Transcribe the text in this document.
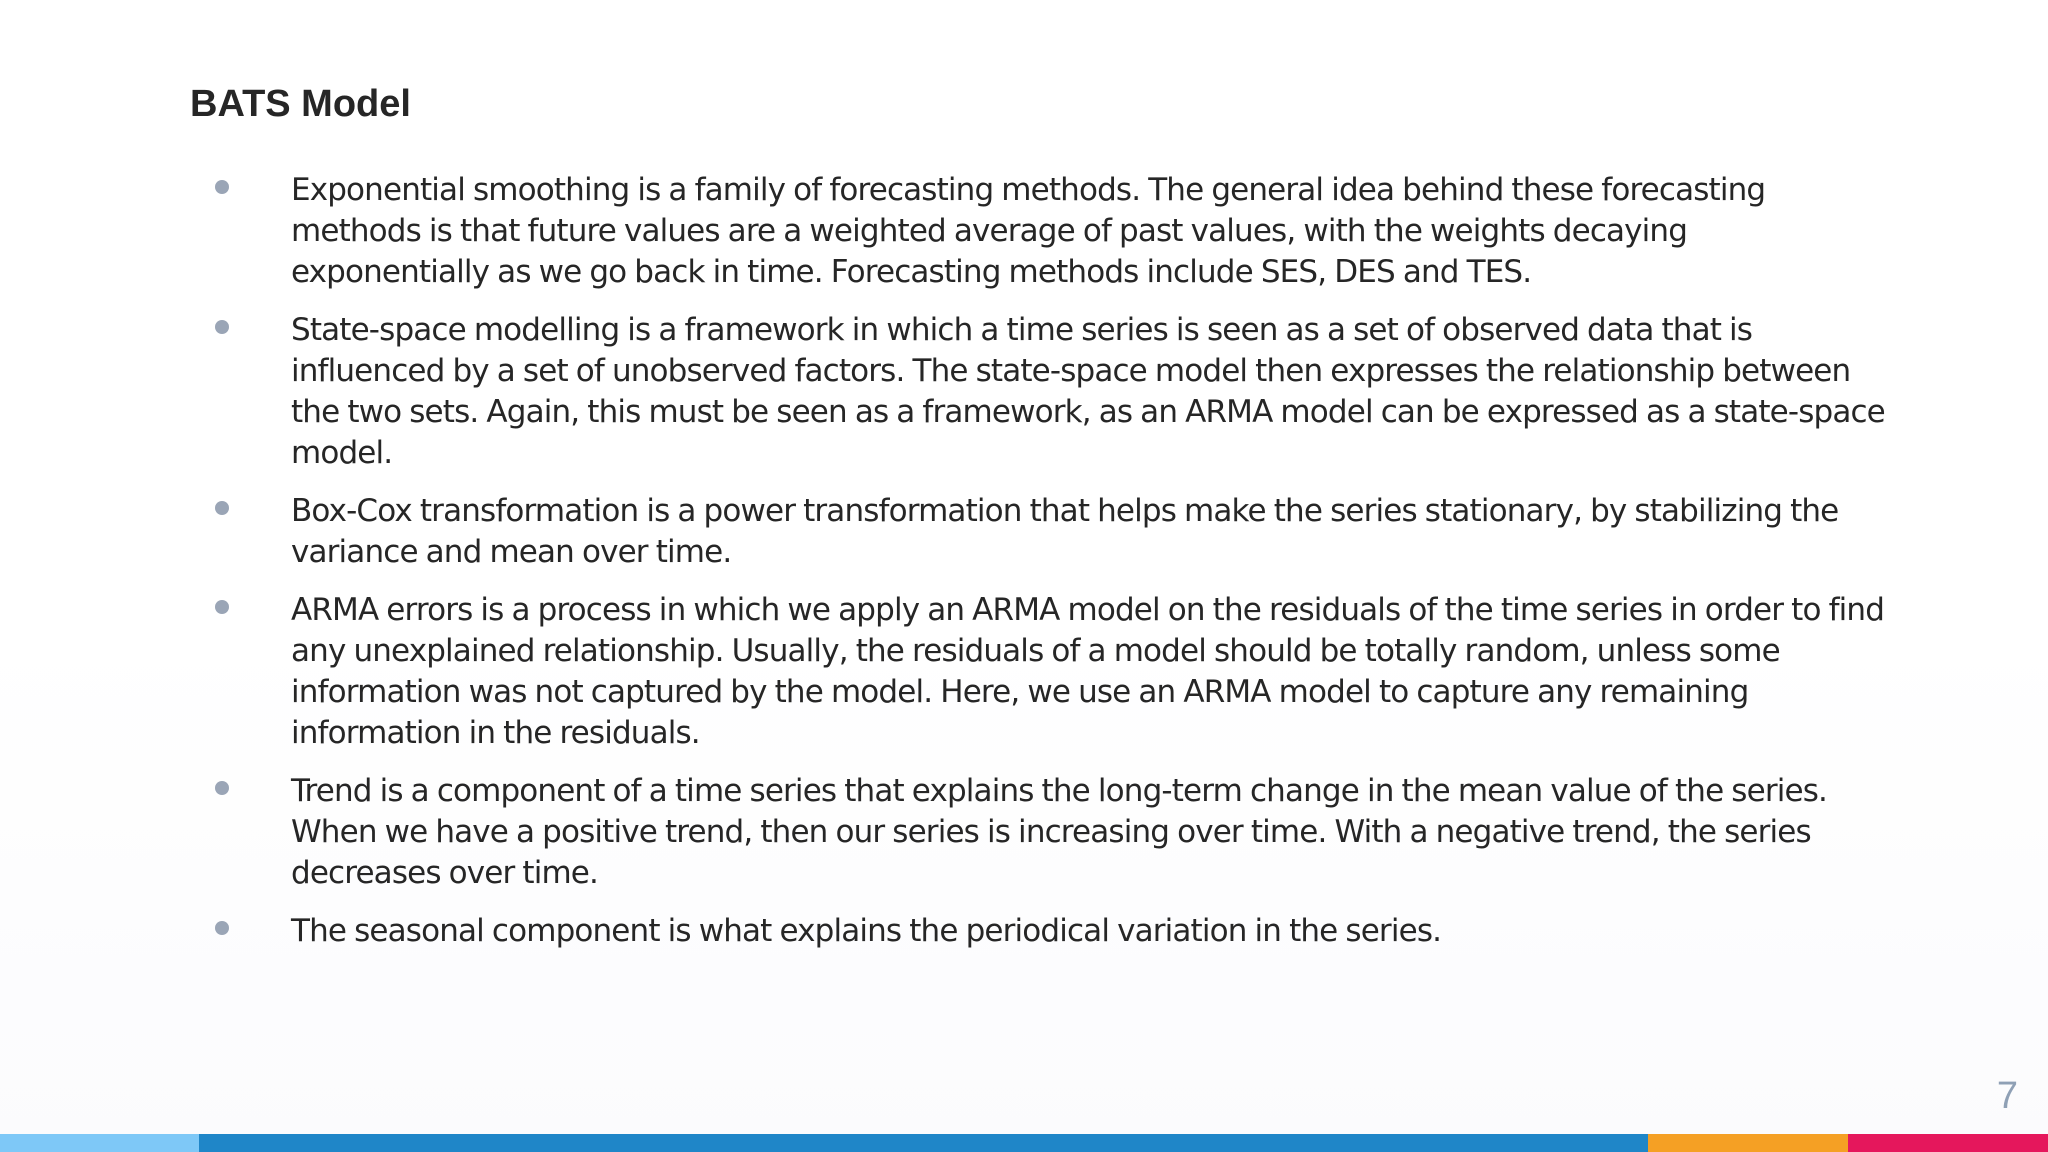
BATS Model
Exponential smoothing is a family of forecasting methods. The general idea behind these forecasting methods is that future values are a weighted average of past values, with the weights decaying exponentially as we go back in time. Forecasting methods include SES, DES and TES.
State-space modelling is a framework in which a time series is seen as a set of observed data that is influenced by a set of unobserved factors. The state-space model then expresses the relationship between the two sets. Again, this must be seen as a framework, as an ARMA model can be expressed as a state-space model.
Box-Cox transformation is a power transformation that helps make the series stationary, by stabilizing the variance and mean over time.
ARMA errors is a process in which we apply an ARMA model on the residuals of the time series in order to find any unexplained relationship. Usually, the residuals of a model should be totally random, unless some information was not captured by the model. Here, we use an ARMA model to capture any remaining information in the residuals.
Trend is a component of a time series that explains the long-term change in the mean value of the series. When we have a positive trend, then our series is increasing over time. With a negative trend, the series decreases over time.
The seasonal component is what explains the periodical variation in the series.
7
